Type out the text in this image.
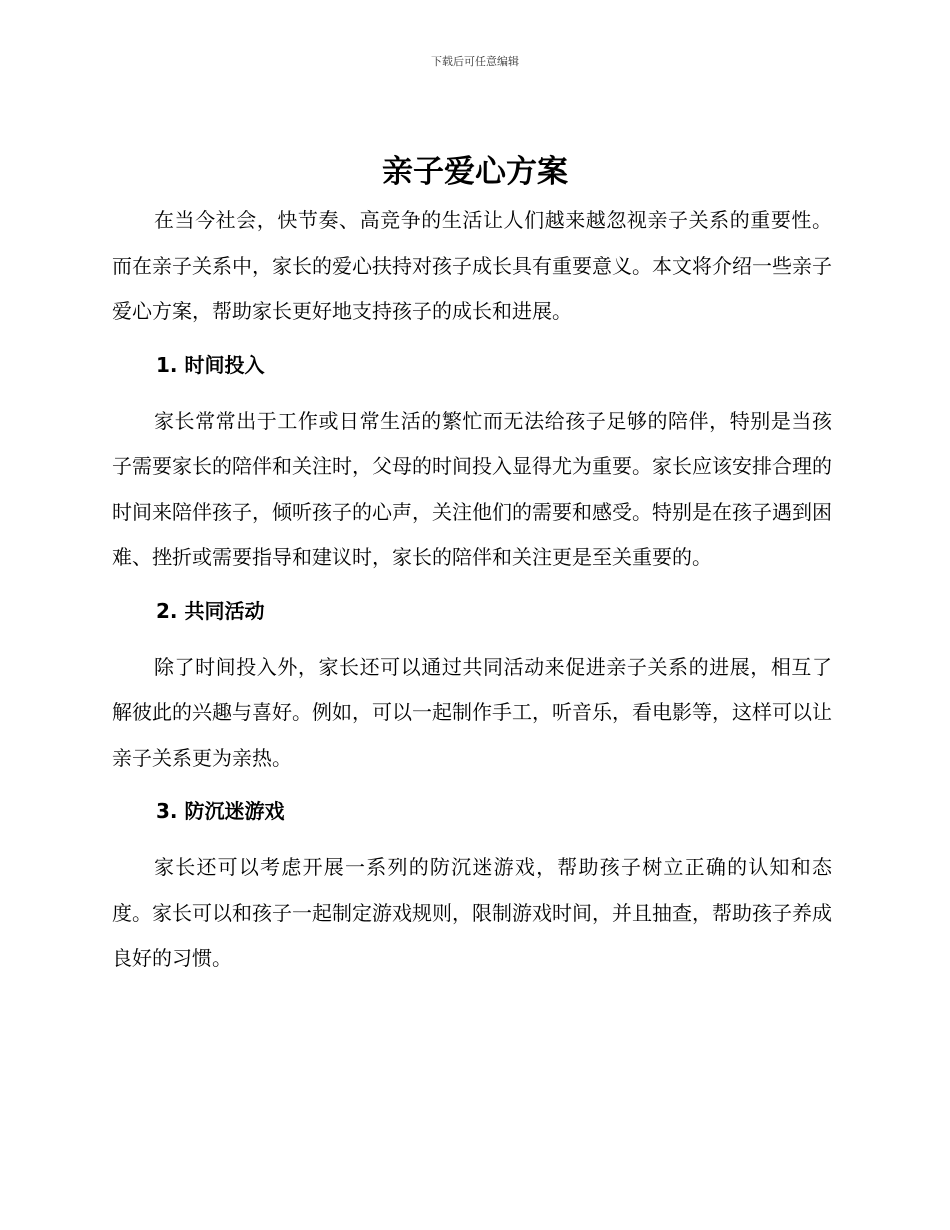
下载后可任意编辑
亲子爱心方案

在当今社会，快节奏、高竞争的生活让人们越来越忽视亲子关系的重要性。而在亲子关系中，家长的爱心扶持对孩子成长具有重要意义。本文将介绍一些亲子爱心方案，帮助家长更好地支持孩子的成长和进展。

1. 时间投入

家长常常出于工作或日常生活的繁忙而无法给孩子足够的陪伴，特别是当孩子需要家长的陪伴和关注时，父母的时间投入显得尤为重要。家长应该安排合理的时间来陪伴孩子，倾听孩子的心声，关注他们的需要和感受。特别是在孩子遇到困难、挫折或需要指导和建议时，家长的陪伴和关注更是至关重要的。

2. 共同活动

除了时间投入外，家长还可以通过共同活动来促进亲子关系的进展，相互了解彼此的兴趣与喜好。例如，可以一起制作手工，听音乐，看电影等，这样可以让亲子关系更为亲热。

3. 防沉迷游戏

家长还可以考虑开展一系列的防沉迷游戏，帮助孩子树立正确的认知和态度。家长可以和孩子一起制定游戏规则，限制游戏时间，并且抽查，帮助孩子养成良好的习惯。
